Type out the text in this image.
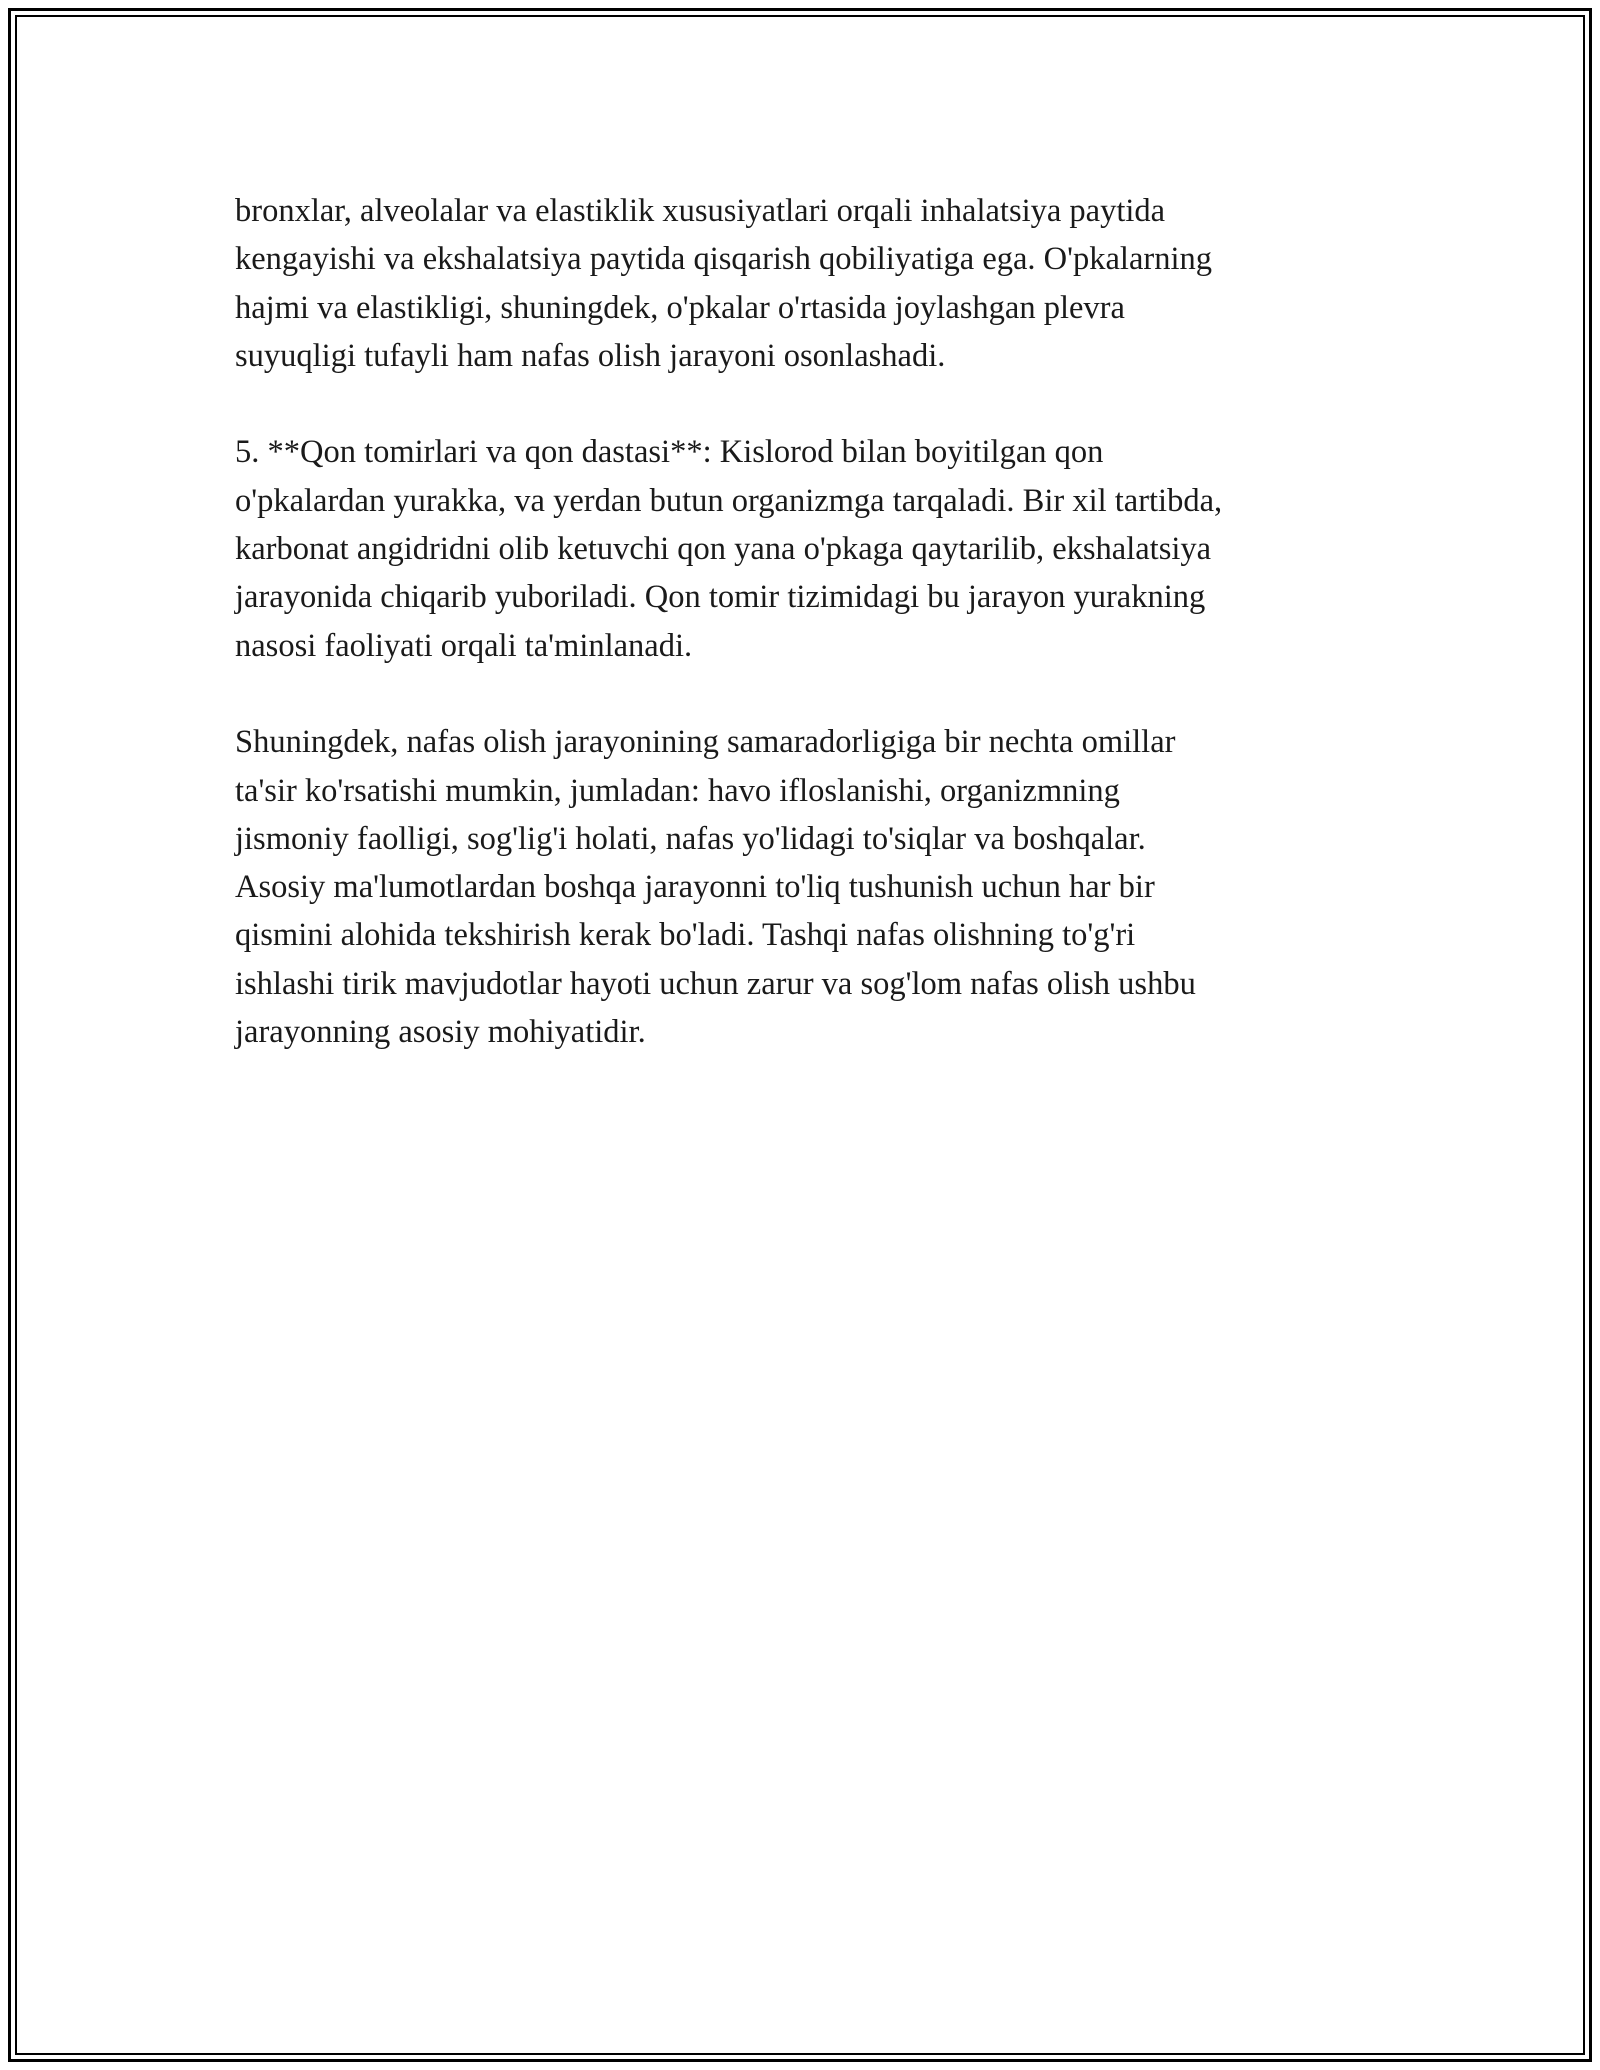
bronxlar, alveolalar va elastiklik xususiyatlari orqali inhalatsiya paytida
kengayishi va ekshalatsiya paytida qisqarish qobiliyatiga ega. O'pkalarning
hajmi va elastikligi, shuningdek, o'pkalar o'rtasida joylashgan plevra
suyuqligi tufayli ham nafas olish jarayoni osonlashadi.

5. **Qon tomirlari va qon dastasi**: Kislorod bilan boyitilgan qon
o'pkalardan yurakka, va yerdan butun organizmga tarqaladi. Bir xil tartibda,
karbonat angidridni olib ketuvchi qon yana o'pkaga qaytarilib, ekshalatsiya
jarayonida chiqarib yuboriladi. Qon tomir tizimidagi bu jarayon yurakning
nasosi faoliyati orqali ta'minlanadi.

Shuningdek, nafas olish jarayonining samaradorligiga bir nechta omillar
ta'sir ko'rsatishi mumkin, jumladan: havo ifloslanishi, organizmning
jismoniy faolligi, sog'lig'i holati, nafas yo'lidagi to'siqlar va boshqalar.
Asosiy ma'lumotlardan boshqa jarayonni to'liq tushunish uchun har bir
qismini alohida tekshirish kerak bo'ladi. Tashqi nafas olishning to'g'ri
ishlashi tirik mavjudotlar hayoti uchun zarur va sog'lom nafas olish ushbu
jarayonning asosiy mohiyatidir.
